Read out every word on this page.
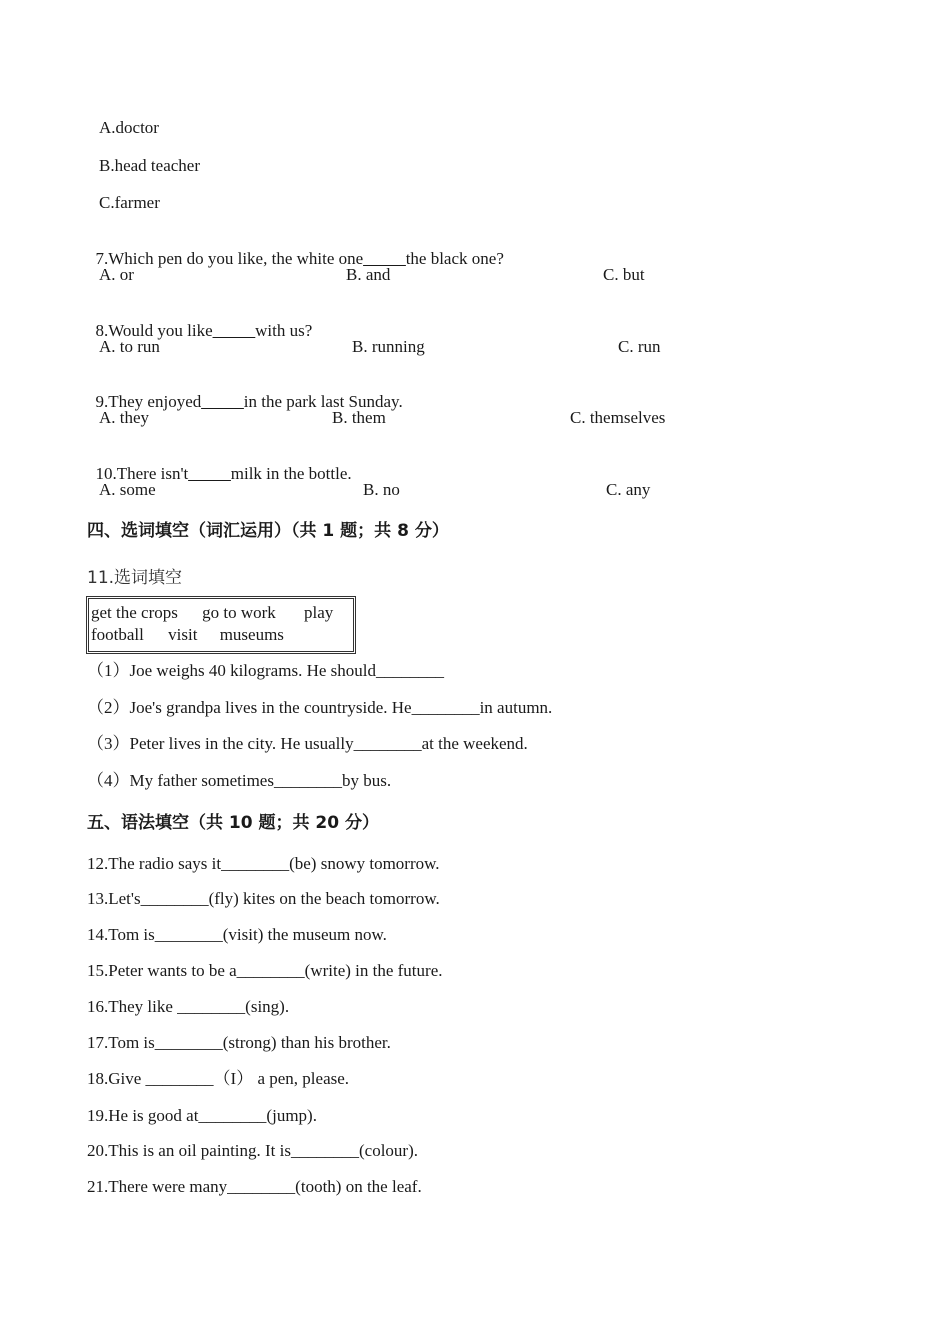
A.doctor
B.head teacher
C.farmer

7.Which pen do you like, the white one_____the black one?

A. or	B. and	C. but

8.Would you like_____with us?

A. to run	B. running	C. run

9.They enjoyed_____in the park last Sunday.

A. they	B. them	C. themselves

10.There isn't_____milk in the bottle.

A. some	B. no	C. any
四、选词填空（词汇运用）（共 1 题；共 8 分）
11.选词填空
get the crops go to work play
football visit museums
（1）Joe weighs 40 kilograms. He should________
（2）Joe's grandpa lives in the countryside. He________in autumn.
（3）Peter lives in the city. He usually________at the weekend.
（4）My father sometimes________by bus.
五、语法填空（共 10 题；共 20 分）
12.The radio says it________(be) snowy tomorrow.
13.Let's________(fly) kites on the beach tomorrow.
14.Tom is________(visit) the museum now.
15.Peter wants to be a________(write) in the future.
16.They like ________(sing).
17.Tom is________(strong) than his brother.
18.Give ________（I） a pen, please.
19.He is good at________(jump).
20.This is an oil painting. It is________(colour).
21.There were many________(tooth) on the leaf.
